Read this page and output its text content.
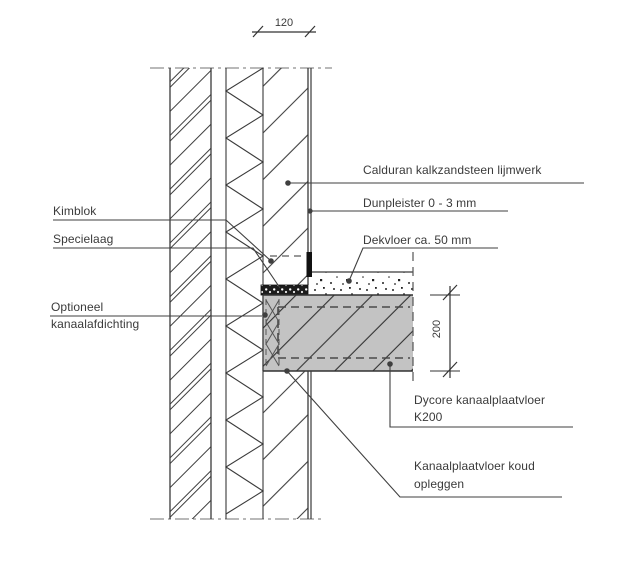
Kimblok
Specielaag
Optioneel
kanaalafdichting
Calduran kalkzandsteen lijmwerk
Dunpleister 0 - 3 mm
Dekvloer ca. 50 mm
Dycore kanaalplaatvloer
K200
Kanaalplaatvloer koud
opleggen
120
200
